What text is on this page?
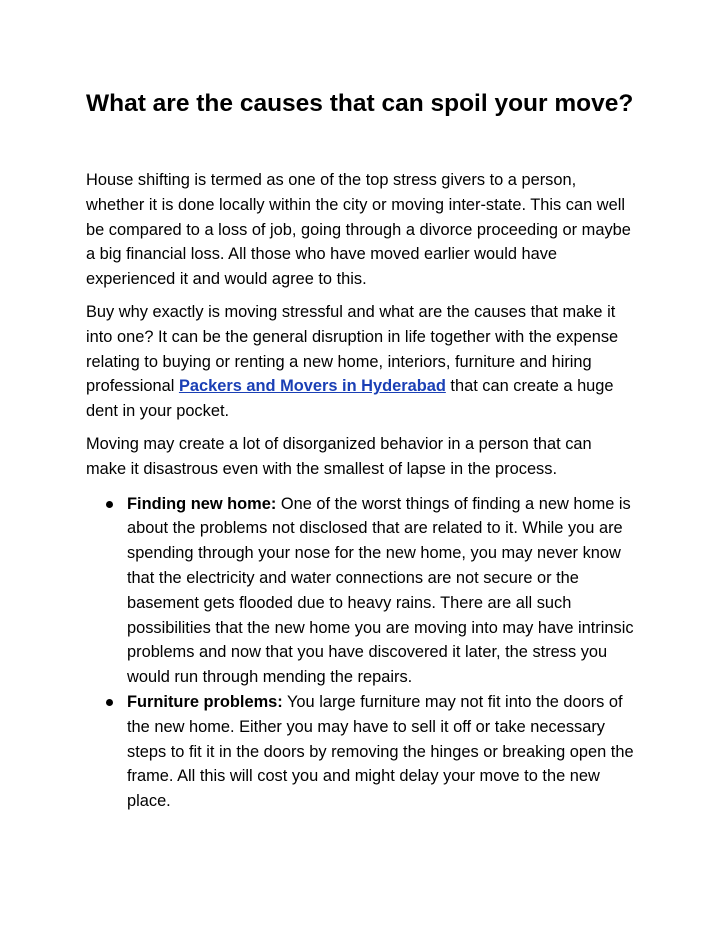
What are the causes that can spoil your move?

House shifting is termed as one of the top stress givers to a person, whether it is done locally within the city or moving inter-state. This can well be compared to a loss of job, going through a divorce proceeding or maybe a big financial loss. All those who have moved earlier would have experienced it and would agree to this.

Buy why exactly is moving stressful and what are the causes that make it into one? It can be the general disruption in life together with the expense relating to buying or renting a new home, interiors, furniture and hiring professional Packers and Movers in Hyderabad that can create a huge dent in your pocket.

Moving may create a lot of disorganized behavior in a person that can make it disastrous even with the smallest of lapse in the process.

Finding new home: One of the worst things of finding a new home is about the problems not disclosed that are related to it. While you are spending through your nose for the new home, you may never know that the electricity and water connections are not secure or the basement gets flooded due to heavy rains. There are all such possibilities that the new home you are moving into may have intrinsic problems and now that you have discovered it later, the stress you would run through mending the repairs.
Furniture problems: You large furniture may not fit into the doors of the new home. Either you may have to sell it off or take necessary steps to fit it in the doors by removing the hinges or breaking open the frame. All this will cost you and might delay your move to the new place.
